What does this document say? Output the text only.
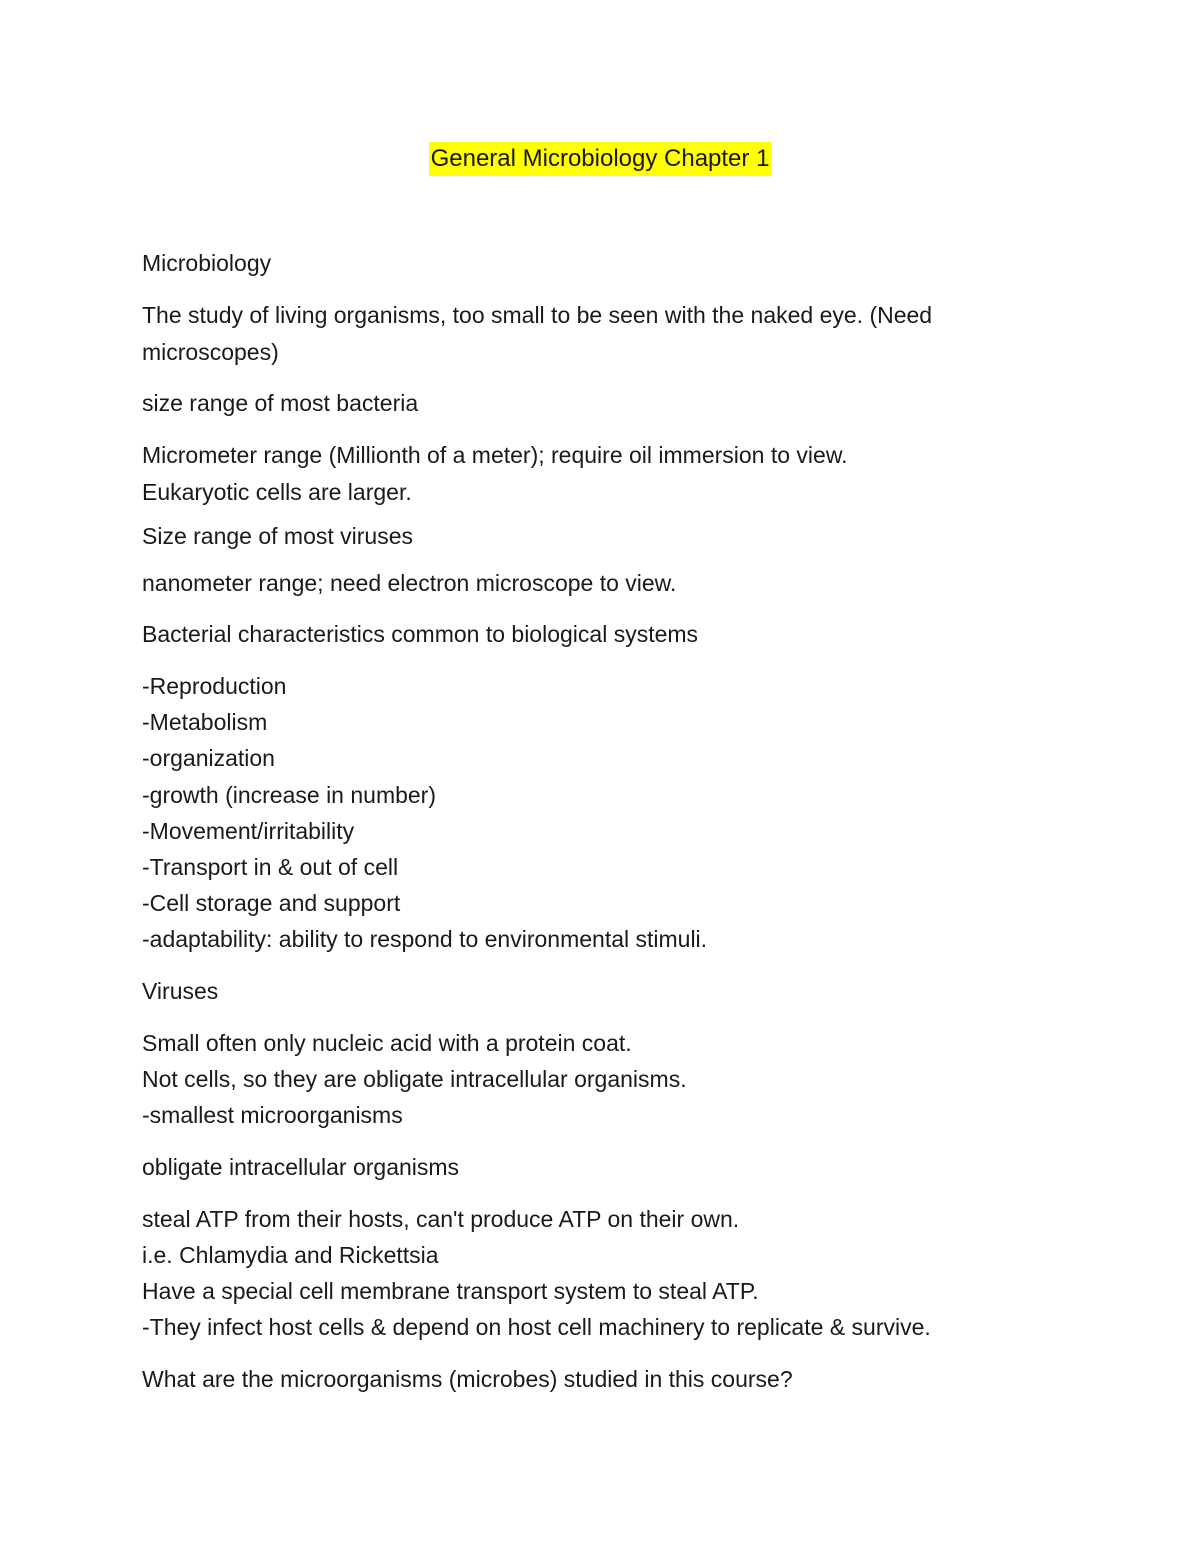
General Microbiology Chapter 1
Microbiology
The study of living organisms, too small to be seen with the naked eye. (Need
microscopes)
size range of most bacteria
Micrometer range (Millionth of a meter); require oil immersion to view.
Eukaryotic cells are larger.
Size range of most viruses
nanometer range; need electron microscope to view.
Bacterial characteristics common to biological systems
-Reproduction
-Metabolism
-organization
-growth (increase in number)
-Movement/irritability
-Transport in & out of cell
-Cell storage and support
-adaptability: ability to respond to environmental stimuli.
Viruses
Small often only nucleic acid with a protein coat.
Not cells, so they are obligate intracellular organisms.
-smallest microorganisms
obligate intracellular organisms
steal ATP from their hosts, can't produce ATP on their own.
i.e. Chlamydia and Rickettsia
Have a special cell membrane transport system to steal ATP.
-They infect host cells & depend on host cell machinery to replicate & survive.
What are the microorganisms (microbes) studied in this course?
